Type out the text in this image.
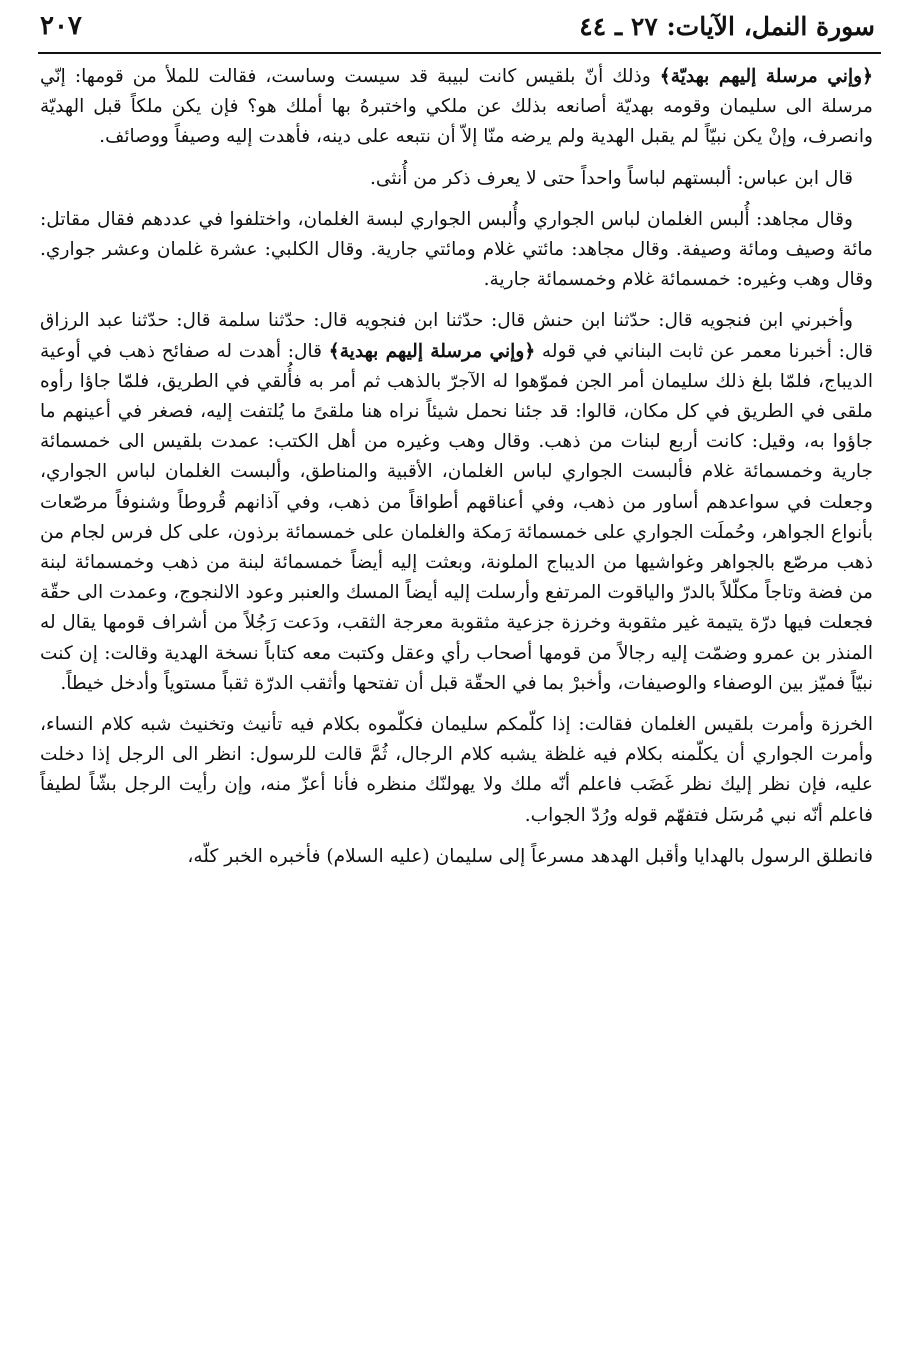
سورة النمل، الآيات: ٢٧ ـ ٤٤
٢٠٧

﴿وإني مرسلة إليهم بهديّة﴾ وذلك أنّ بلقيس كانت لبيبة قد سيست وساست، فقالت للملأ من قومها: إنّي مرسلة الى سليمان وقومه بهديّة أصانعه بذلك عن ملكي واختبرهُ بها أملك هو؟ فإن يكن ملكاً قبل الهديّة وانصرف، وإنْ يكن نبيّاً لم يقبل الهدية ولم يرضه منّا إلاّ أن نتبعه على دينه، فأهدت إليه وصيفاً ووصائف.

قال ابن عباس: ألبستهم لباساً واحداً حتى لا يعرف ذكر من أُنثى.

وقال مجاهد: أُلبس الغلمان لباس الجواري وأُلبس الجواري لبسة الغلمان، واختلفوا في عددهم فقال مقاتل: مائة وصيف ومائة وصيفة. وقال مجاهد: مائتي غلام ومائتي جارية. وقال الكلبي: عشرة غلمان وعشر جواري. وقال وهب وغيره: خمسمائة غلام وخمسمائة جارية.

وأخبرني ابن فنجويه قال: حدّثنا ابن حنش قال: حدّثنا ابن فنجويه قال: حدّثنا سلمة قال: حدّثنا عبد الرزاق قال: أخبرنا معمر عن ثابت البناني في قوله ﴿وإني مرسلة إليهم بهدية﴾ قال: أهدت له صفائح ذهب في أوعية الديباج، فلمّا بلغ ذلك سليمان أمر الجن فموّهوا له الآجرّ بالذهب ثم أمر به فأُلقي في الطريق، فلمّا جاؤا رأوه ملقى في الطريق في كل مكان، قالوا: قد جئنا نحمل شيئاً نراه هنا ملقىً ما يُلتفت إليه، فصغر في أعينهم ما جاؤوا به، وقيل: كانت أربع لبنات من ذهب. وقال وهب وغيره من أهل الكتب: عمدت بلقيس الى خمسمائة جارية وخمسمائة غلام فألبست الجواري لباس الغلمان، الأقبية والمناطق، وألبست الغلمان لباس الجواري، وجعلت في سواعدهم أساور من ذهب، وفي أعناقهم أطواقاً من ذهب، وفي آذانهم قُروطاً وشنوفاً مرصّعات بأنواع الجواهر، وحُملَت الجواري على خمسمائة رَمكة والغلمان على خمسمائة برذون، على كل فرس لجام من ذهب مرصّع بالجواهر وغواشيها من الديباج الملونة، وبعثت إليه أيضاً خمسمائة لبنة من ذهب وخمسمائة لبنة من فضة وتاجاً مكلّلاً بالدرّ والياقوت المرتفع وأرسلت إليه أيضاً المسك والعنبر وعود الالنجوج، وعمدت الى حقّة فجعلت فيها درّة يتيمة غير مثقوبة وخرزة جزعية مثقوبة معرجة الثقب، ودَعت رَجُلاً من أشراف قومها يقال له المنذر بن عمرو وضمّت إليه رجالاً من قومها أصحاب رأي وعقل وكتبت معه كتاباً نسخة الهدية وقالت: إن كنت نبيّاً فميّز بين الوصفاء والوصيفات، وأخبرْ بما في الحقّة قبل أن تفتحها وأثقب الدرّة ثقباً مستوياً وأدخل خيطاً.

الخرزة وأمرت بلقيس الغلمان فقالت: إذا كلّمكم سليمان فكلّموه بكلام فيه تأنيث وتخنيث شبه كلام النساء، وأمرت الجواري أن يكلّمنه بكلام فيه غلظة يشبه كلام الرجال، ثُمَّ قالت للرسول: انظر الى الرجل إذا دخلت عليه، فإن نظر إليك نظر غَضَب فاعلم أنّه ملك ولا يهولنّك منظره فأنا أعزّ منه، وإن رأيت الرجل بشّاً لطيفاً فاعلم أنّه نبي مُرسَل فتفهّم قوله ورُدّ الجواب.

فانطلق الرسول بالهدايا وأقبل الهدهد مسرعاً إلى سليمان (عليه السلام) فأخبره الخبر كلّه،
